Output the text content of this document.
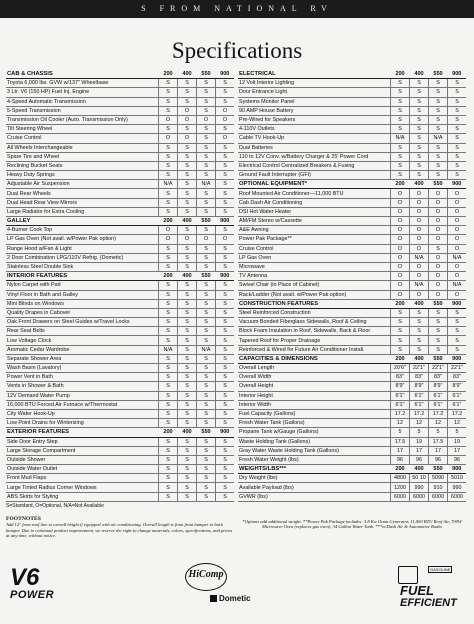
S FROM NATIONAL RV
Specifications
CAB & CHASSIS	200	400	550	900
Toyota 6,000 lbs. GVW w/137" Wheelbase	S	S	S	S
3 Ltr. V6 (150 HP) Fuel Inj. Engine	S	S	S	S
4-Speed Automatic Transmission	S	S	S	S
5-Speed Transmission	S	O	S	O
Transmission Oil Cooler (Auto. Transmission Only)	O	O	O	O
Tilt Steering Wheel	S	S	S	S
Cruise Control	O	O	S	O
All Wheels Interchangeable	S	S	S	S
Spare Tire and Wheel	S	S	S	S
Reclining Bucket Seats	S	S	S	S
Heavy Duty Springs	S	S	S	S
Adjustable Air Suspension	N/A	S	N/A	S
Dual Rear Wheels	S	S	S	S
Dual Head Rear View Mirrors	S	S	S	S
Large Radiator for Extra Cooling	S	S	S	S
GALLEY	200	400	550	900
4-Burner Cook Top	O	S	S	S
LP Gas Oven (Not avail. w/Power Pak option)	O	O	O	O
Range Hood w/Fan & Light	S	S	S	S
2 Door Combination LPG/110V Refrig. (Dometic)	S	S	S	S
Stainless Steel Double Sink	S	S	S	S
INTERIOR FEATURES	200	400	550	900
Nylon Carpet with Pad	S	S	S	S
Vinyl Floor in Bath and Galley	S	S	S	S
Mini Blinds on Windows	S	S	S	S
Quality Drapes in Cabover	S	S	S	S
Oak Front Drawers on Steel Guides w/Travel Locks	S	S	S	S
Rear Seat Belts	S	S	S	S
Low Voltage Clock	S	S	S	S
Aromatic Cedar Wardrobe	N/A	S	N/A	S
Separate Shower Area	S	S	S	S
Wash Basin (Lavatory)	S	S	S	S
Power Vent in Bath	S	S	S	S
Vents in Shower & Bath	S	S	S	S
12V Demand Water Pump	S	S	S	S
16,000 BTU Forced Air Furnace w/Thermostat	S	S	S	S
City Water Hook-Up	S	S	S	S
Low Point Drains for Winterizing	S	S	S	S
EXTERIOR FEATURES	200	400	550	900
Side Door Entry Step	S	S	S	S
Large Storage Compartment	S	S	S	S
Outside Shower	S	S	S	S
Outside Water Outlet	S	S	S	S
Front Mud Flaps	S	S	S	S
Large Tinted Radius Corner Windows	S	S	S	S
ABS Skirts for Styling	S	S	S	S
S=Standard, O=Optional, N/A=Not Available
ELECTRICAL	200	400	550	900
12 Volt Interior Lighting	S	S	S	S
Door Entrance Light	S	S	S	S
Systems Monitor Panel	S	S	S	S
90 AMP House Battery	S	S	S	S
Pre-Wired for Speakers	S	S	S	S
4-110V Outlets	S	S	S	S
Cable TV Hook-Up	N/A	S	N/A	S
Dual Batteries	S	S	S	S
110 to 12V Conv. w/Battery Charger & 25' Power Cord	S	S	S	S
Electrical Control Centralized Breakers & Fusing	S	S	S	S
Ground Fault Interrupter (GFI)	S	S	S	S
OPTIONAL EQUIPMENT*	200	400	550	900
Roof Mounted Air Conditioner—11,000 BTU	O	O	O	O
Cab Dash Air Conditioning	O	O	O	O
DSI Hot Water Heater	O	O	O	O
AM/FM Stereo w/Cassette	O	O	O	O
A&E Awning	O	O	O	O
Power Pak Package**	O	O	O	O
Cruise Control	O	O	S	O
LP Gas Oven	O	N/A	O	N/A
Microwave	O	O	O	O
TV Antenna	O	O	O	O
Swivel Chair (in Place of Cabinet)	O	N/A	O	N/A
Rack/Ladder (Not avail. w/Power Pak option)	O	O	O	O
CONSTRUCTION FEATURES	200	400	550	900
Steel Reinforced Construction	S	S	S	S
Vacuum Bonded Fiberglass Sidewalls, Roof & Ceiling	S	S	S	S
Block Foam Insulation in Roof, Sidewalls, Back & Floor	S	S	S	S
Tapered Roof for Proper Drainage	S	S	S	S
Reinforced & Wired for Future Air Conditioner Install.	S	S	S	S
CAPACITIES & DIMENSIONS	200	400	550	900
Overall Length	20'6"	22'1"	22'1"	22'1"
Overall Width	83"	83"	83"	83"
Overall Height	8'9"	8'9"	8'9"	8'9"
Interior Height	6'1"	6'1"	6'1"	6'1"
Interior Width	6'1"	6'1"	6'1"	6'1"
Fuel Capacity (Gallons)	17.2	17.2	17.2	17.2
Fresh Water Tank (Gallons)	12	12	12	12
Propane Tank w/Gauge (Gallons)	5	5	5	5
Waste Holding Tank (Gallons)	17.5	19	17.5	19
Gray Water Waste Holding Tank (Gallons)	17	17	17	17
Fresh Water Weight (lbs)	96	96	96	96
WEIGHTS/LBS***	200	400	550	900
Dry Weight (lbs)	4800	50 10	5090	5010
Available Payload (lbs)	1200	990	910	990
GVWR (lbs)	6000	6000	6000	6000
FOOTNOTES
Add 12" from roof line to overall height if equipped with air conditioning. Overall length is from front bumper to back bumper. Due to continual product improvement, we reserve the right to change materials, colors, specifications, and prices at any time, without notice.
*Options add additional weight. **Power Pak Package includes: 3.8 Kw Onan Generator, 11,000 BTU Roof Air, 700W Microwave Oven (replaces gas oven), 34 Gallon Water Tank. ***w/Dash Air & Automotive Radio
V6
POWER
HiComp
Dometic
GASOLINE
FUEL
EFFICIENT
